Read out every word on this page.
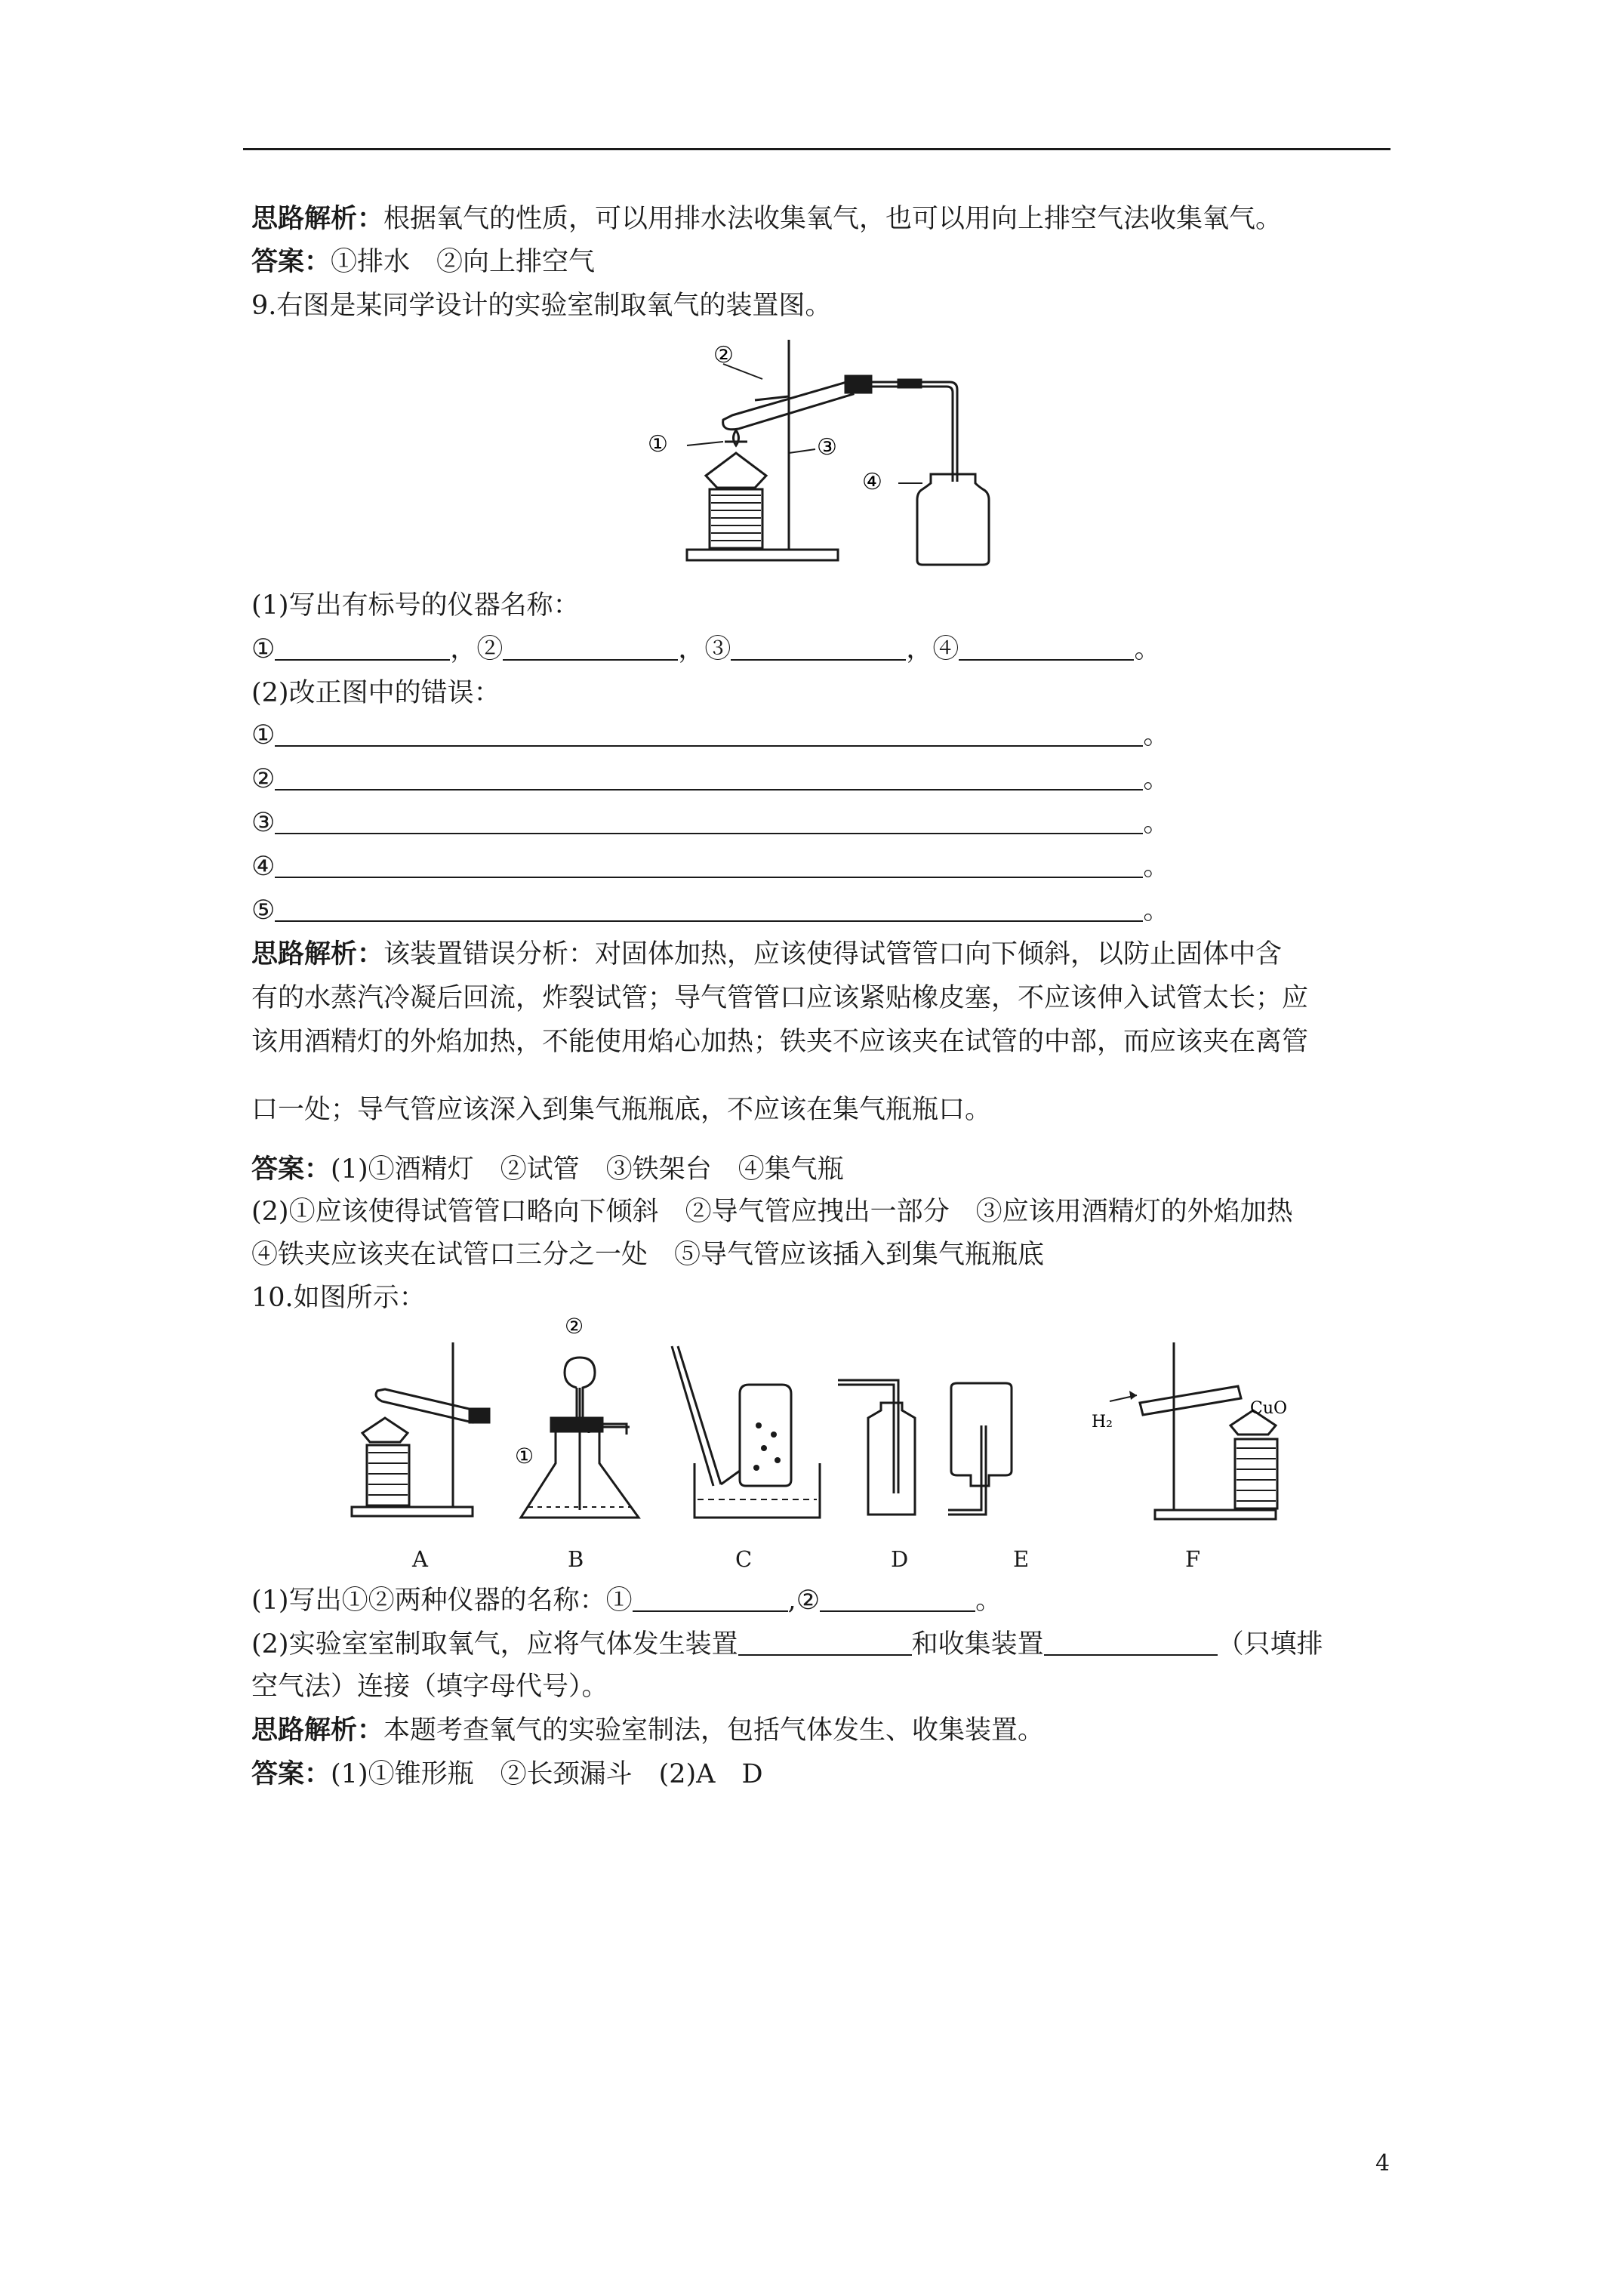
思路解析：根据氧气的性质，可以用排水法收集氧气，也可以用向上排空气法收集氧气。
答案：①排水　②向上排空气
9.右图是某同学设计的实验室制取氧气的装置图。
②
①	③
④
(1)写出有标号的仪器名称：
①	，②	，③	，④	。
(2)改正图中的错误：
①	。
②	。
③	。
④	。
⑤	。
思路解析：该装置错误分析：对固体加热，应该使得试管管口向下倾斜，以防止固体中含
有的水蒸汽冷凝后回流，炸裂试管；导气管管口应该紧贴橡皮塞，不应该伸入试管太长；应
该用酒精灯的外焰加热，不能使用焰心加热；铁夹不应该夹在试管的中部，而应该夹在离管
口一处；导气管应该深入到集气瓶瓶底，不应该在集气瓶瓶口。
答案：(1)①酒精灯　②试管　③铁架台　④集气瓶
(2)①应该使得试管管口略向下倾斜　②导气管应拽出一部分　③应该用酒精灯的外焰加热
④铁夹应该夹在试管口三分之一处　⑤导气管应该插入到集气瓶瓶底
10.如图所示：
②
①
H₂
CuO
A	B	C	D	E	F
(1)写出①②两种仪器的名称：①	,②	。
(2)实验室室制取氧气，应将气体发生装置	和收集装置	（只填排
空气法）连接（填字母代号）。
思路解析：本题考查氧气的实验室制法，包括气体发生、收集装置。
答案：(1)①锥形瓶　②长颈漏斗　(2)A　D
4
